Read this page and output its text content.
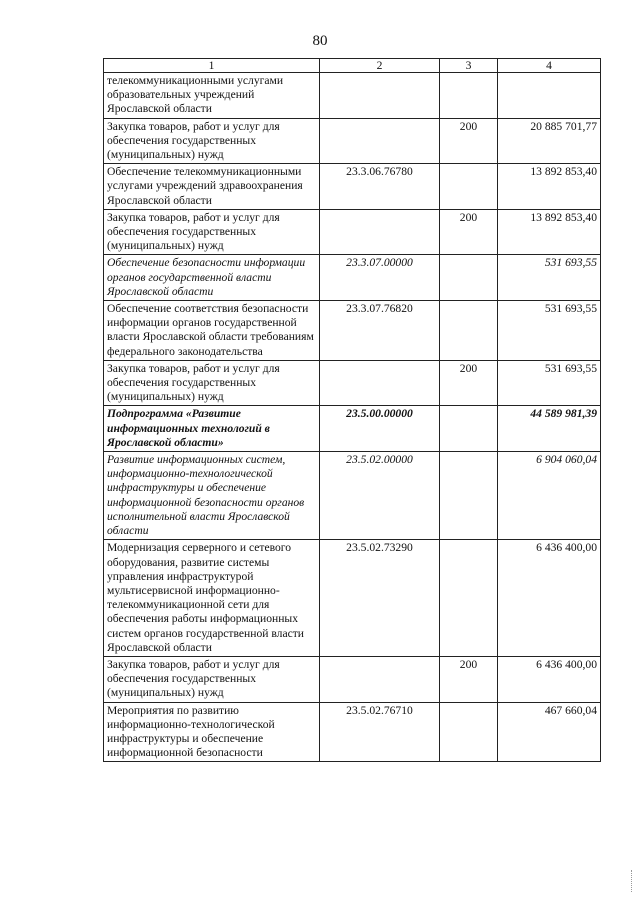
80
1	2	3	4
телекоммуникационными услугами образовательных учреждений Ярославской области			
Закупка товаров, работ и услуг для обеспечения государственных (муниципальных) нужд		200	20 885 701,77
Обеспечение телекоммуникационными услугами учреждений здравоохранения Ярославской области	23.3.06.76780		13 892 853,40
Закупка товаров, работ и услуг для обеспечения государственных (муниципальных) нужд		200	13 892 853,40
Обеспечение безопасности информации органов государственной власти Ярославской области	23.3.07.00000		531 693,55
Обеспечение соответствия безопасности информации органов государственной власти Ярославской области требованиям федерального законодательства	23.3.07.76820		531 693,55
Закупка товаров, работ и услуг для обеспечения государственных (муниципальных) нужд		200	531 693,55
Подпрограмма «Развитие информационных технологий в Ярославской области»	23.5.00.00000		44 589 981,39
Развитие информационных систем, информационно-технологической инфраструктуры и обеспечение информационной безопасности органов исполнительной власти Ярославской области	23.5.02.00000		6 904 060,04
Модернизация серверного и сетевого оборудования, развитие системы управления инфраструктурой мультисервисной информационно-телекоммуникационной сети для обеспечения работы информационных систем органов государственной власти Ярославской области	23.5.02.73290		6 436 400,00
Закупка товаров, работ и услуг для обеспечения государственных (муниципальных) нужд		200	6 436 400,00
Мероприятия по развитию информационно-технологической инфраструктуры и обеспечение информационной безопасности	23.5.02.76710		467 660,04
